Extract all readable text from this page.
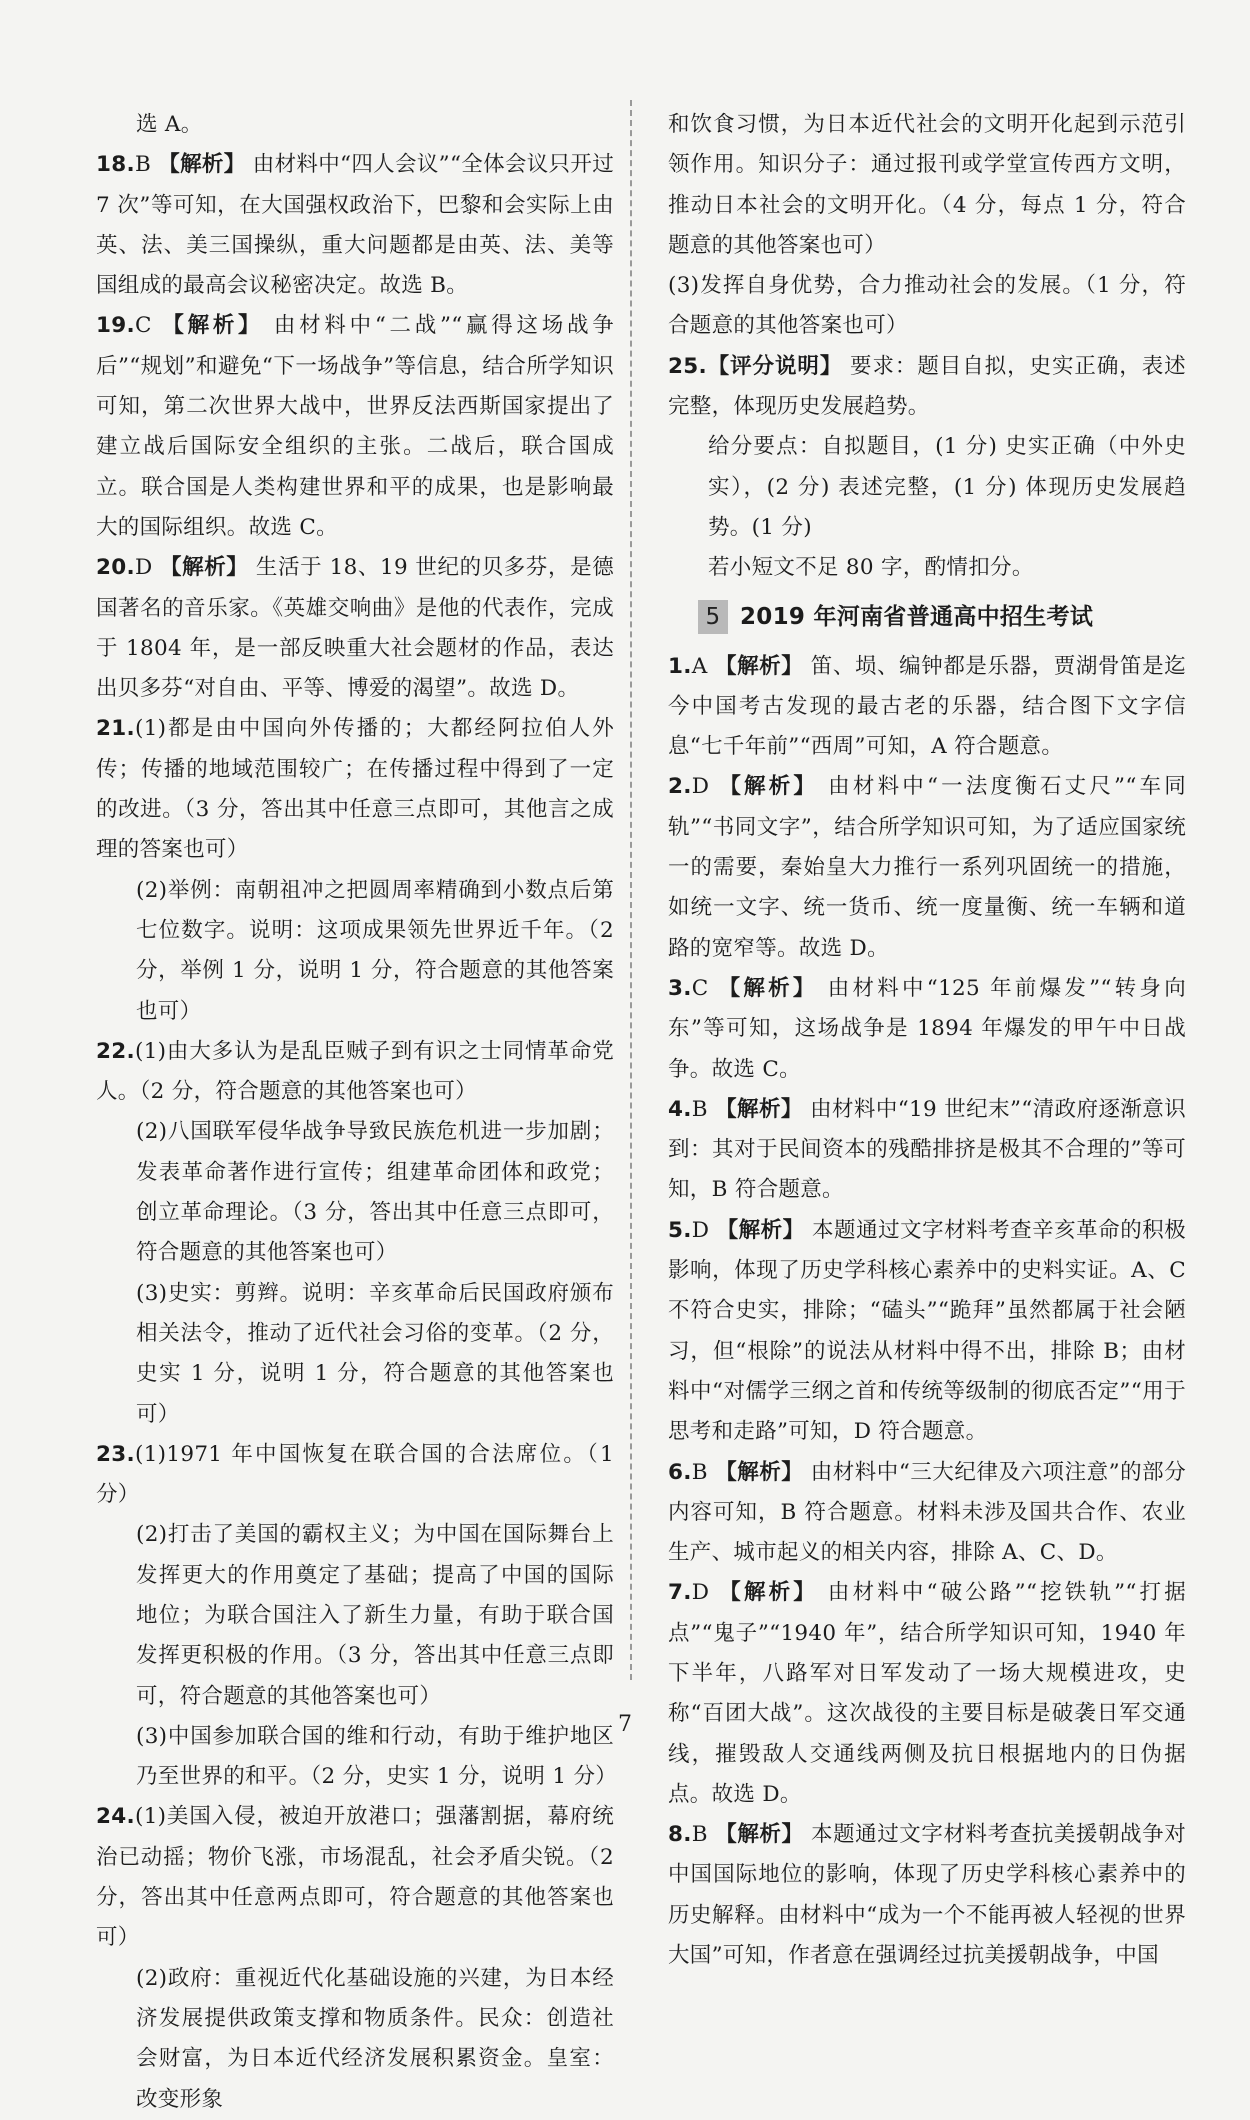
选 A。

18.B 【解析】 由材料中“四人会议”“全体会议只开过7 次”等可知，在大国强权政治下，巴黎和会实际上由英、法、美三国操纵，重大问题都是由英、法、美等国组成的最高会议秘密决定。故选 B。

19.C 【解析】 由材料中“二战”“赢得这场战争后”“规划”和避免“下一场战争”等信息，结合所学知识可知，第二次世界大战中，世界反法西斯国家提出了建立战后国际安全组织的主张。二战后，联合国成立。联合国是人类构建世界和平的成果，也是影响最大的国际组织。故选 C。

20.D 【解析】 生活于 18、19 世纪的贝多芬，是德国著名的音乐家。《英雄交响曲》是他的代表作，完成于 1804 年，是一部反映重大社会题材的作品，表达出贝多芬“对自由、平等、博爱的渴望”。故选 D。

21.(1)都是由中国向外传播的；大都经阿拉伯人外传；传播的地域范围较广；在传播过程中得到了一定的改进。（3 分，答出其中任意三点即可，其他言之成理的答案也可）

(2)举例：南朝祖冲之把圆周率精确到小数点后第七位数字。说明：这项成果领先世界近千年。（2 分，举例 1 分，说明 1 分，符合题意的其他答案也可）

22.(1)由大多认为是乱臣贼子到有识之士同情革命党人。（2 分，符合题意的其他答案也可）

(2)八国联军侵华战争导致民族危机进一步加剧；发表革命著作进行宣传；组建革命团体和政党；创立革命理论。（3 分，答出其中任意三点即可，符合题意的其他答案也可）

(3)史实：剪辫。说明：辛亥革命后民国政府颁布相关法令，推动了近代社会习俗的变革。（2 分，史实 1 分，说明 1 分，符合题意的其他答案也可）

23.(1)1971 年中国恢复在联合国的合法席位。（1 分）

(2)打击了美国的霸权主义；为中国在国际舞台上发挥更大的作用奠定了基础；提高了中国的国际地位；为联合国注入了新生力量，有助于联合国发挥更积极的作用。（3 分，答出其中任意三点即可，符合题意的其他答案也可）

(3)中国参加联合国的维和行动，有助于维护地区乃至世界的和平。（2 分，史实 1 分，说明 1 分）

24.(1)美国入侵，被迫开放港口；强藩割据，幕府统治已动摇；物价飞涨，市场混乱，社会矛盾尖锐。（2 分，答出其中任意两点即可，符合题意的其他答案也可）

(2)政府：重视近代化基础设施的兴建，为日本经济发展提供政策支撑和物质条件。民众：创造社会财富，为日本近代经济发展积累资金。皇室：改变形象

和饮食习惯，为日本近代社会的文明开化起到示范引领作用。知识分子：通过报刊或学堂宣传西方文明，推动日本社会的文明开化。（4 分，每点 1 分，符合题意的其他答案也可）

(3)发挥自身优势，合力推动社会的发展。（1 分，符合题意的其他答案也可）

25.【评分说明】 要求：题目自拟，史实正确，表述完整，体现历史发展趋势。

给分要点：自拟题目，(1 分) 史实正确（中外史实），(2 分) 表述完整，(1 分) 体现历史发展趋势。(1 分)

若小短文不足 80 字，酌情扣分。

5 2019 年河南省普通高中招生考试

1.A 【解析】 笛、埙、编钟都是乐器，贾湖骨笛是迄今中国考古发现的最古老的乐器，结合图下文字信息“七千年前”“西周”可知，A 符合题意。

2.D 【解析】 由材料中“一法度衡石丈尺”“车同轨”“书同文字”，结合所学知识可知，为了适应国家统一的需要，秦始皇大力推行一系列巩固统一的措施，如统一文字、统一货币、统一度量衡、统一车辆和道路的宽窄等。故选 D。

3.C 【解析】 由材料中“125 年前爆发”“转身向东”等可知，这场战争是 1894 年爆发的甲午中日战争。故选 C。

4.B 【解析】 由材料中“19 世纪末”“清政府逐渐意识到：其对于民间资本的残酷排挤是极其不合理的”等可知，B 符合题意。

5.D 【解析】 本题通过文字材料考查辛亥革命的积极影响，体现了历史学科核心素养中的史料实证。A、C 不符合史实，排除；“磕头”“跪拜”虽然都属于社会陋习，但“根除”的说法从材料中得不出，排除 B；由材料中“对儒学三纲之首和传统等级制的彻底否定”“用于思考和走路”可知，D 符合题意。

6.B 【解析】 由材料中“三大纪律及六项注意”的部分内容可知，B 符合题意。材料未涉及国共合作、农业生产、城市起义的相关内容，排除 A、C、D。

7.D 【解析】 由材料中“破公路”“挖铁轨”“打据点”“鬼子”“1940 年”，结合所学知识可知，1940 年下半年，八路军对日军发动了一场大规模进攻，史称“百团大战”。这次战役的主要目标是破袭日军交通线，摧毁敌人交通线两侧及抗日根据地内的日伪据点。故选 D。

8.B 【解析】 本题通过文字材料考查抗美援朝战争对中国国际地位的影响，体现了历史学科核心素养中的历史解释。由材料中“成为一个不能再被人轻视的世界大国”可知，作者意在强调经过抗美援朝战争，中国

7
